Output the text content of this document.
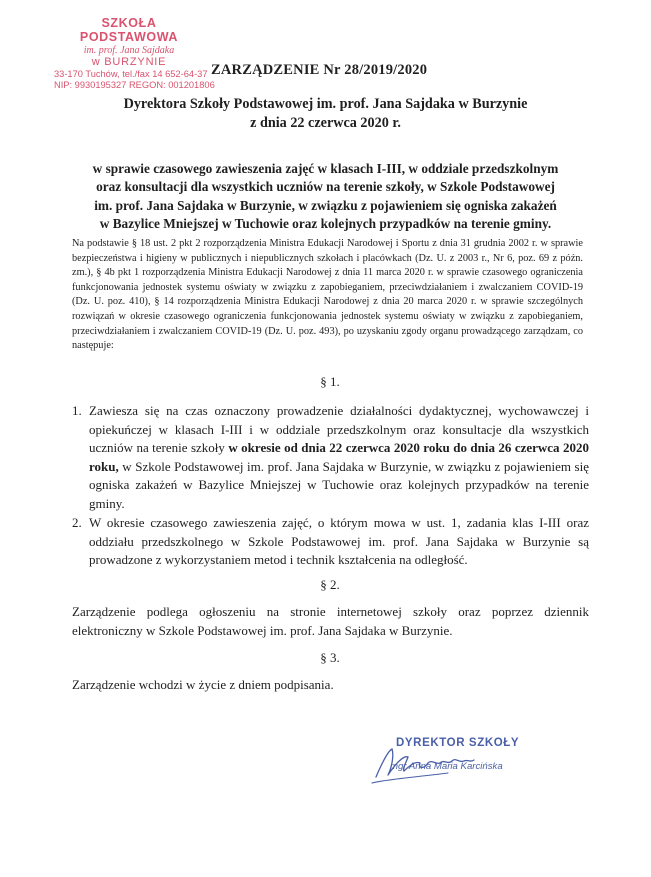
SZKOŁA PODSTAWOWA
im. prof. Jana Sajdaka
w BURZYNIE
33-170 Tuchów, tel./fax 14 652-64-37
NIP: 9930195327 REGON: 001201806
ZARZĄDZENIE Nr 28/2019/2020
Dyrektora Szkoły Podstawowej im. prof. Jana Sajdaka w Burzynie
z dnia 22 czerwca 2020 r.
w sprawie czasowego zawieszenia zajęć w klasach I-III, w oddziale przedszkolnym
oraz konsultacji dla wszystkich uczniów na terenie szkoły, w Szkole Podstawowej
im. prof. Jana Sajdaka w Burzynie, w związku z pojawieniem się ogniska zakażeń
w Bazylice Mniejszej w Tuchowie oraz kolejnych przypadków na terenie gminy.
Na podstawie § 18 ust. 2 pkt 2 rozporządzenia Ministra Edukacji Narodowej i Sportu z dnia 31 grudnia 2002 r. w sprawie bezpieczeństwa i higieny w publicznych i niepublicznych szkołach i placówkach (Dz. U. z 2003 r., Nr 6, poz. 69 z późn. zm.), § 4b pkt 1 rozporządzenia Ministra Edukacji Narodowej z dnia 11 marca 2020 r. w sprawie czasowego ograniczenia funkcjonowania jednostek systemu oświaty w związku z zapobieganiem, przeciwdziałaniem i zwalczaniem COVID-19 (Dz. U. poz. 410), § 14 rozporządzenia Ministra Edukacji Narodowej z dnia 20 marca 2020 r. w sprawie szczególnych rozwiązań w okresie czasowego ograniczenia funkcjonowania jednostek systemu oświaty w związku z zapobieganiem, przeciwdziałaniem i zwalczaniem COVID-19 (Dz. U. poz. 493), po uzyskaniu zgody organu prowadzącego zarządzam, co następuje:
§ 1.
1. Zawiesza się na czas oznaczony prowadzenie działalności dydaktycznej, wychowawczej i opiekuńczej w klasach I-III i w oddziale przedszkolnym oraz konsultacje dla wszystkich uczniów na terenie szkoły w okresie od dnia 22 czerwca 2020 roku do dnia 26 czerwca 2020 roku, w Szkole Podstawowej im. prof. Jana Sajdaka w Burzynie, w związku z pojawieniem się ogniska zakażeń w Bazylice Mniejszej w Tuchowie oraz kolejnych przypadków na terenie gminy.
2. W okresie czasowego zawieszenia zajęć, o którym mowa w ust. 1, zadania klas I-III oraz oddziału przedszkolnego w Szkole Podstawowej im. prof. Jana Sajdaka w Burzynie są prowadzone z wykorzystaniem metod i technik kształcenia na odległość.
§ 2.
Zarządzenie podlega ogłoszeniu na stronie internetowej szkoły oraz poprzez dziennik elektroniczny w Szkole Podstawowej im. prof. Jana Sajdaka w Burzynie.
§ 3.
Zarządzenie wchodzi w życie z dniem podpisania.
DYREKTOR SZKOŁY
mgr Anna Maria Karcińska
